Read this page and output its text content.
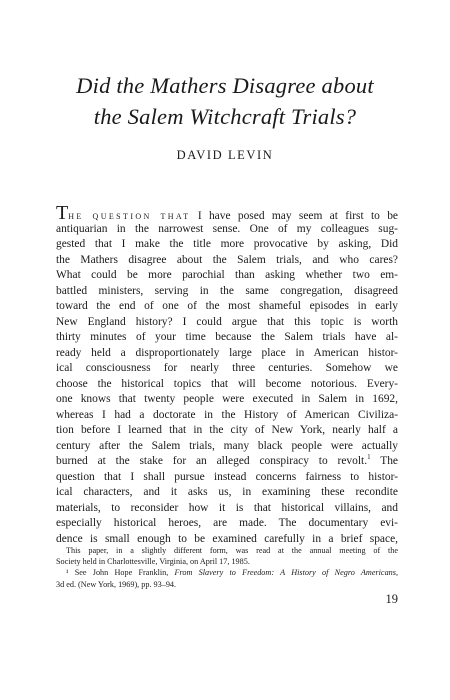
Did the Mathers Disagree about
the Salem Witchcraft Trials?
DAVID LEVIN
THE QUESTION THAT I have posed may seem at first to be
antiquarian in the narrowest sense. One of my colleagues sug-
gested that I make the title more provocative by asking, Did
the Mathers disagree about the Salem trials, and who cares?
What could be more parochial than asking whether two em-
battled ministers, serving in the same congregation, disagreed
toward the end of one of the most shameful episodes in early
New England history? I could argue that this topic is worth
thirty minutes of your time because the Salem trials have al-
ready held a disproportionately large place in American histor-
ical consciousness for nearly three centuries. Somehow we
choose the historical topics that will become notorious. Every-
one knows that twenty people were executed in Salem in 1692,
whereas I had a doctorate in the History of American Civiliza-
tion before I learned that in the city of New York, nearly half a
century after the Salem trials, many black people were actually
burned at the stake for an alleged conspiracy to revolt.$^1$ The
question that I shall pursue instead concerns fairness to histor-
ical characters, and it asks us, in examining these recondite
materials, to reconsider how it is that historical villains, and
especially historical heroes, are made. The documentary evi-
dence is small enough to be examined carefully in a brief space,
This paper, in a slightly different form, was read at the annual meeting of the
Society held in Charlottesville, Virginia, on April 17, 1985.
¹ See John Hope Franklin, From Slavery to Freedom: A History of Negro Americans,
3d ed. (New York, 1969), pp. 93–94.
19
